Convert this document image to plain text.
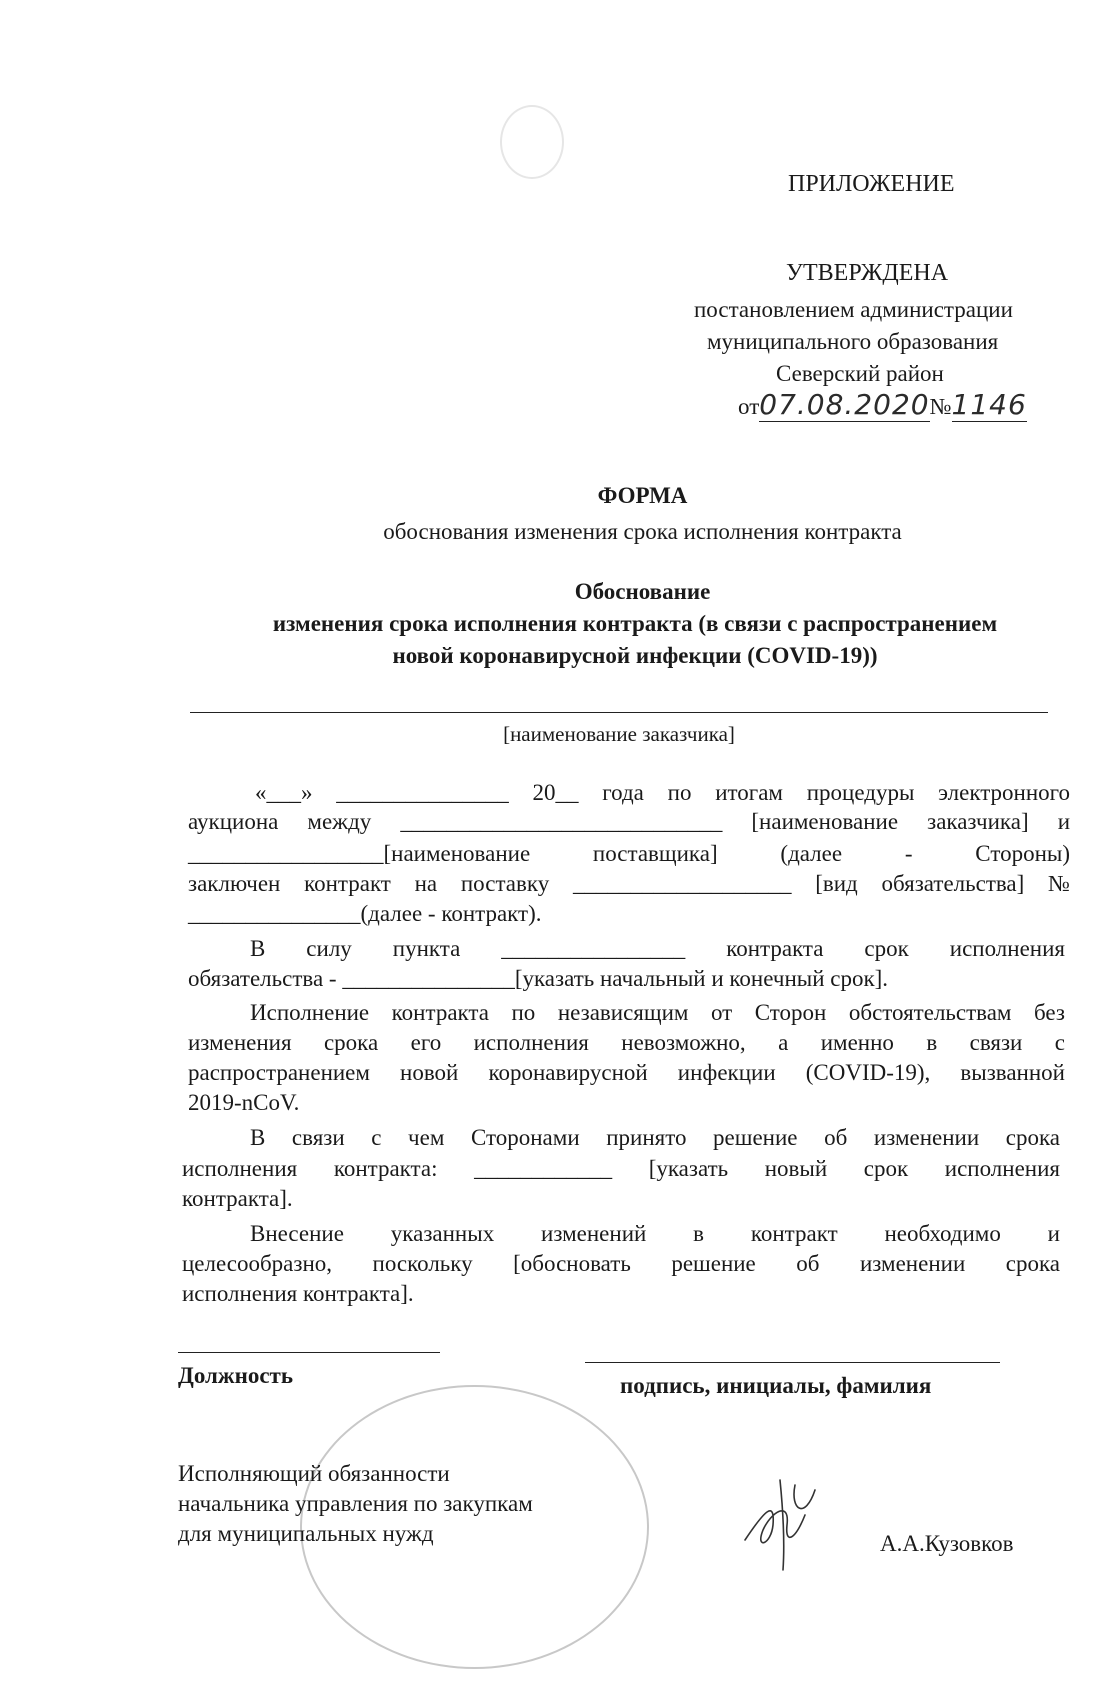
ПРИЛОЖЕНИЕ

УТВЕРЖДЕНА

постановлением администрации

муниципального образования

Северский район

от07.08.2020№1146

ФОРМА

обоснования изменения срока исполнения контракта

Обоснование

изменения срока исполнения контракта (в связи с распространением

новой коронавирусной инфекции (COVID-19))

[наименование заказчика]

«___» _______________ 20__ года по итогам процедуры электронного

аукциона между ____________________________ [наименование заказчика] и

_________________[наименование поставщика] (далее - Стороны)

заключен контракт на поставку ___________________ [вид обязательства] №

_______________(далее - контракт).

В силу пункта ________________ контракта срок исполнения

обязательства - _______________[указать начальный и конечный срок].

Исполнение контракта по независящим от Сторон обстоятельствам без

изменения срока его исполнения невозможно, а именно в связи с

распространением новой коронавирусной инфекции (COVID-19), вызванной

2019-nCoV.

В связи с чем Сторонами принято решение об изменении срока

исполнения контракта: ____________ [указать новый срок исполнения

контракта].

Внесение указанных изменений в контракт необходимо и

целесообразно, поскольку [обосновать решение об изменении срока

исполнения контракта].

Должность	подпись, инициалы, фамилия

Исполняющий обязанности

начальника управления по закупкам

для муниципальных нужд	А.А.Кузовков
